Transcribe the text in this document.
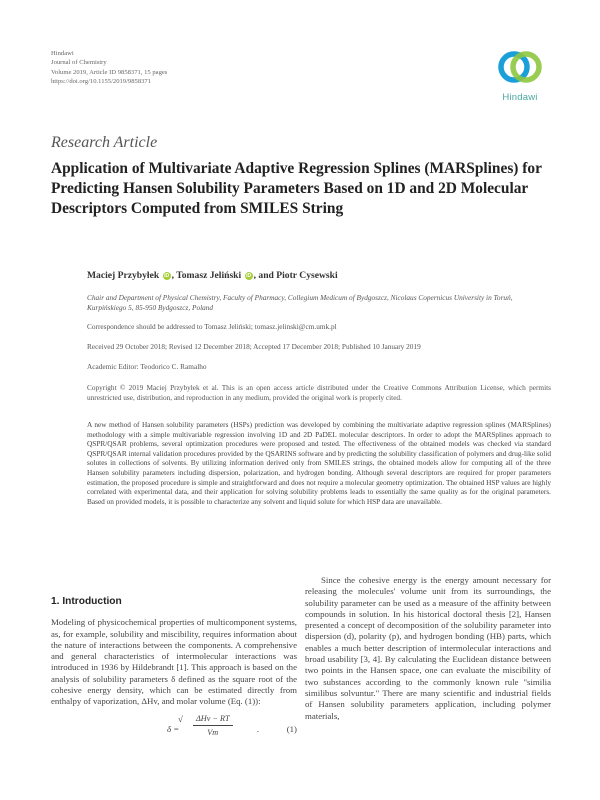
Hindawi
Journal of Chemistry
Volume 2019, Article ID 9858371, 15 pages
https://doi.org/10.1155/2019/9858371
Hindawi
Research Article
Application of Multivariate Adaptive Regression Splines (MARSplines) for Predicting Hansen Solubility Parameters Based on 1D and 2D Molecular Descriptors Computed from SMILES String
Maciej Przybyłek iD , Tomasz Jeliński iD , and Piotr Cysewski
Chair and Department of Physical Chemistry, Faculty of Pharmacy, Collegium Medicum of Bydgoszcz, Nicolaus Copernicus University in Toruń, Kurpińskiego 5, 85-950 Bydgoszcz, Poland
Correspondence should be addressed to Tomasz Jeliński; tomasz.jelinski@cm.umk.pl
Received 29 October 2018; Revised 12 December 2018; Accepted 17 December 2018; Published 10 January 2019
Academic Editor: Teodorico C. Ramalho
Copyright © 2019 Maciej Przybyłek et al. This is an open access article distributed under the Creative Commons Attribution License, which permits unrestricted use, distribution, and reproduction in any medium, provided the original work is properly cited.
A new method of Hansen solubility parameters (HSPs) prediction was developed by combining the multivariate adaptive regression splines (MARSplines) methodology with a simple multivariable regression involving 1D and 2D PaDEL molecular descriptors. In order to adopt the MARSplines approach to QSPR/QSAR problems, several optimization procedures were proposed and tested. The effectiveness of the obtained models was checked via standard QSPR/QSAR internal validation procedures provided by the QSARINS software and by predicting the solubility classification of polymers and drug-like solid solutes in collections of solvents. By utilizing information derived only from SMILES strings, the obtained models allow for computing all of the three Hansen solubility parameters including dispersion, polarization, and hydrogen bonding. Although several descriptors are required for proper parameters estimation, the proposed procedure is simple and straightforward and does not require a molecular geometry optimization. The obtained HSP values are highly correlated with experimental data, and their application for solving solubility problems leads to essentially the same quality as for the original parameters. Based on provided models, it is possible to characterize any solvent and liquid solute for which HSP data are unavailable.
1. Introduction

Modeling of physicochemical properties of multicomponent systems, as, for example, solubility and miscibility, requires information about the nature of interactions between the components. A comprehensive and general characteristics of intermolecular interactions was introduced in 1936 by Hildebrandt [1]. This approach is based on the analysis of solubility parameters δ defined as the square root of the cohesive energy density, which can be estimated directly from enthalpy of vaporization, ΔHv, and molar volume (Eq. (1)):

δ =
√	ΔHv − RT
Vm	.	(1)

Since the cohesive energy is the energy amount necessary for releasing the molecules' volume unit from its surroundings, the solubility parameter can be used as a measure of the affinity between compounds in solution. In his historical doctoral thesis [2], Hansen presented a concept of decomposition of the solubility parameter into dispersion (d), polarity (p), and hydrogen bonding (HB) parts, which enables a much better description of intermolecular interactions and broad usability [3, 4]. By calculating the Euclidean distance between two points in the Hansen space, one can evaluate the miscibility of two substances according to the commonly known rule "similia similibus solvuntur." There are many scientific and industrial fields of Hansen solubility parameters application, including polymer materials,
